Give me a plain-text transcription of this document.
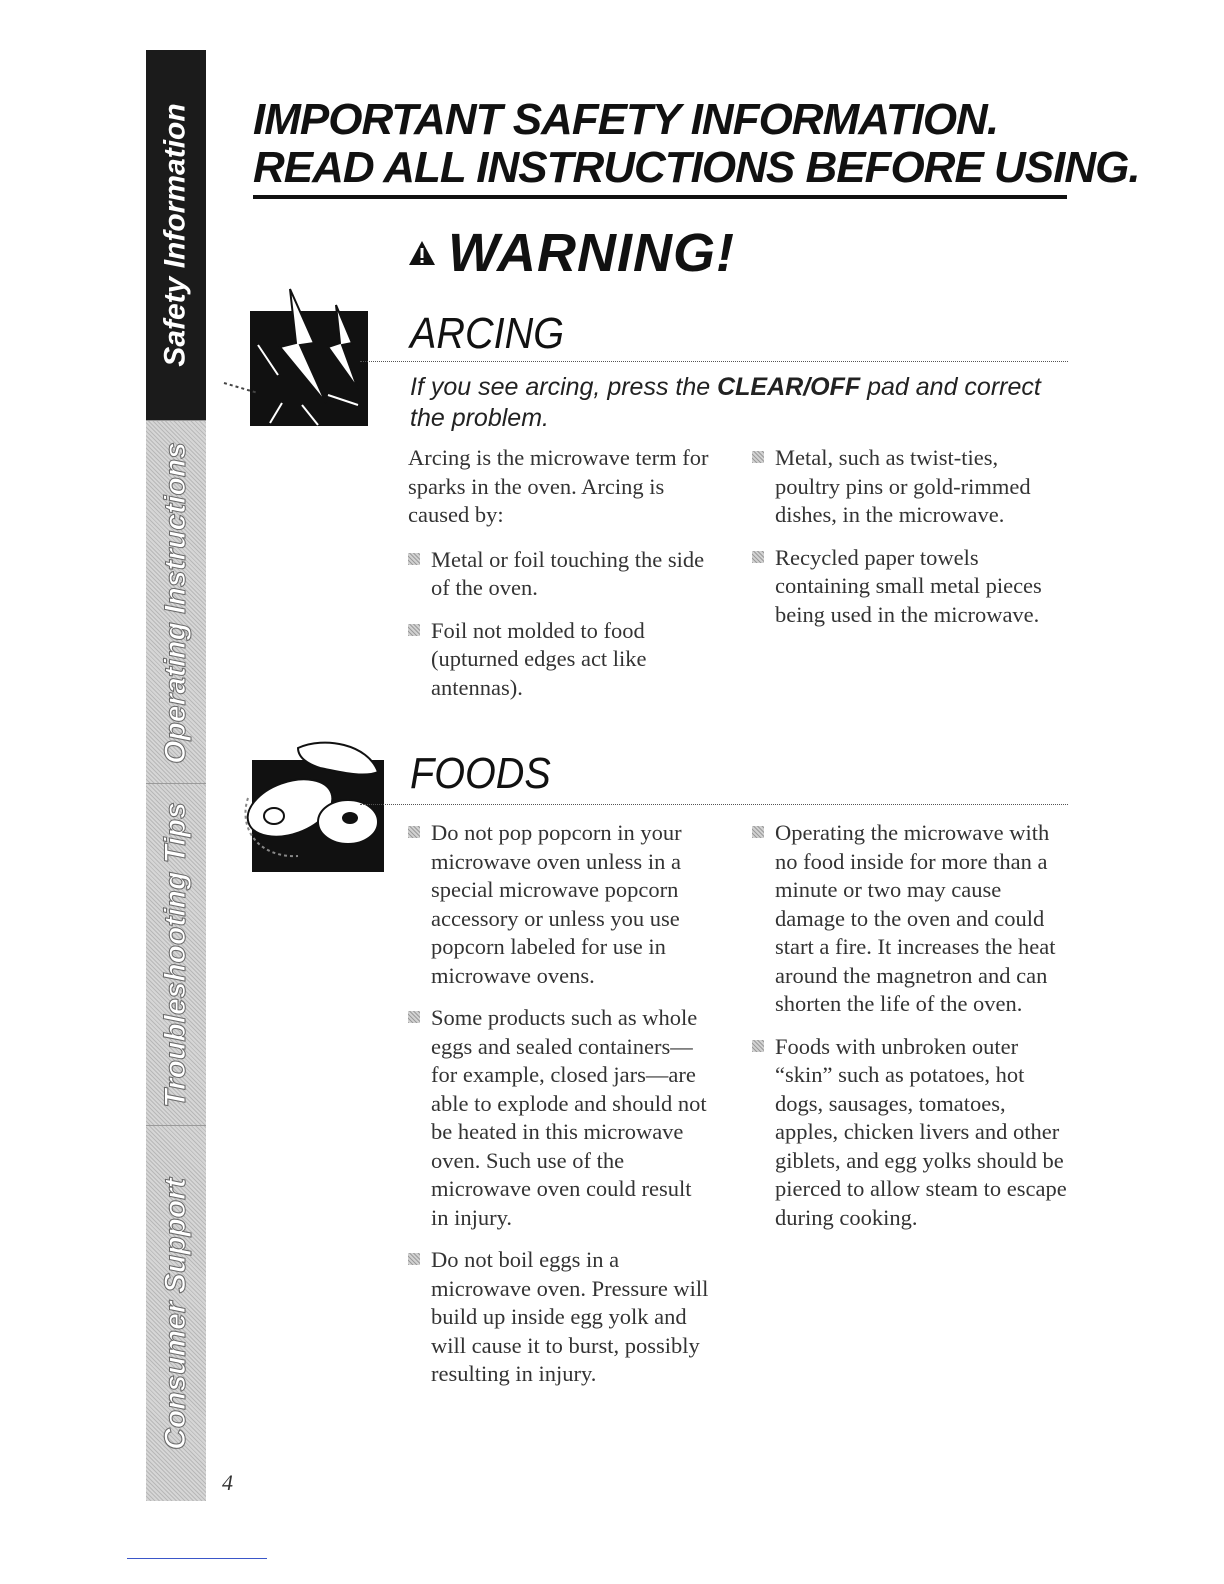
Safety Information
Operating Instructions
Troubleshooting Tips
Consumer Support
IMPORTANT SAFETY INFORMATION.
READ ALL INSTRUCTIONS BEFORE USING.
WARNING!
ARCING

If you see arcing, press the CLEAR/OFF pad and correct the problem.

Arcing is the microwave term for sparks in the oven. Arcing is caused by:

Metal or foil touching the side of the oven.

Foil not molded to food (upturned edges act like antennas).

Metal, such as twist-ties, poultry pins or gold-rimmed dishes, in the microwave.

Recycled paper towels containing small metal pieces being used in the microwave.

FOODS

Do not pop popcorn in your microwave oven unless in a special microwave popcorn accessory or unless you use popcorn labeled for use in microwave ovens.

Some products such as whole eggs and sealed containers—for example, closed jars—are able to explode and should not be heated in this microwave oven. Such use of the microwave oven could result in injury.

Do not boil eggs in a microwave oven. Pressure will build up inside egg yolk and will cause it to burst, possibly resulting in injury.

Operating the microwave with no food inside for more than a minute or two may cause damage to the oven and could start a fire. It increases the heat around the magnetron and can shorten the life of the oven.

Foods with unbroken outer “skin” such as potatoes, hot dogs, sausages, tomatoes, apples, chicken livers and other giblets, and egg yolks should be pierced to allow steam to escape during cooking.

4
